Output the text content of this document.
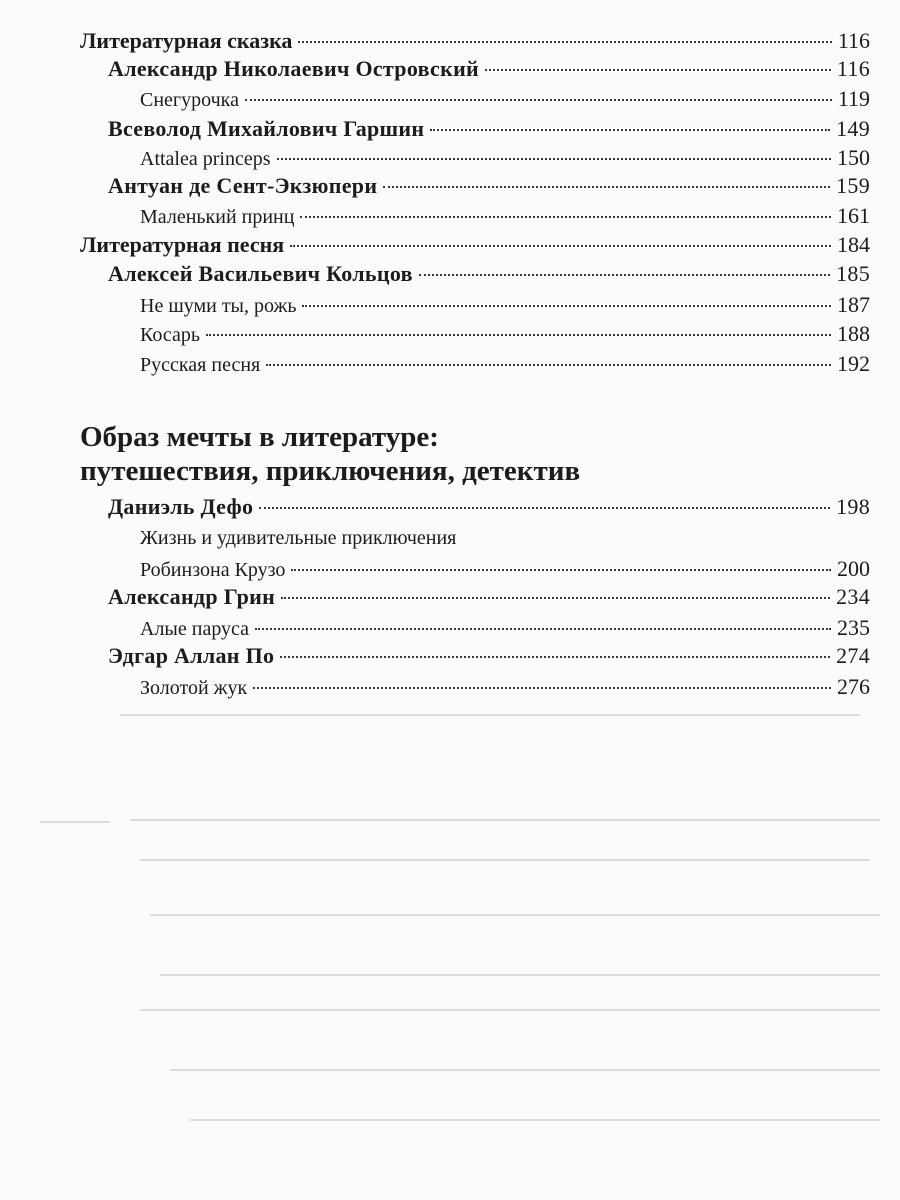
Литературная сказка	116
Александр Николаевич Островский	116
Снегурочка	119
Всеволод Михайлович Гаршин	149
Attalea princeps	150
Антуан де Сент-Экзюпери	159
Маленький принц	161
Литературная песня	184
Алексей Васильевич Кольцов	185
Не шуми ты, рожь	187
Косарь	188
Русская песня	192
Образ мечты в литературе:
путешествия, приключения, детектив
Даниэль Дефо	198
Жизнь и удивительные приключения
Робинзона Крузо	200
Александр Грин	234
Алые паруса	235
Эдгар Аллан По	274
Золотой жук	276
